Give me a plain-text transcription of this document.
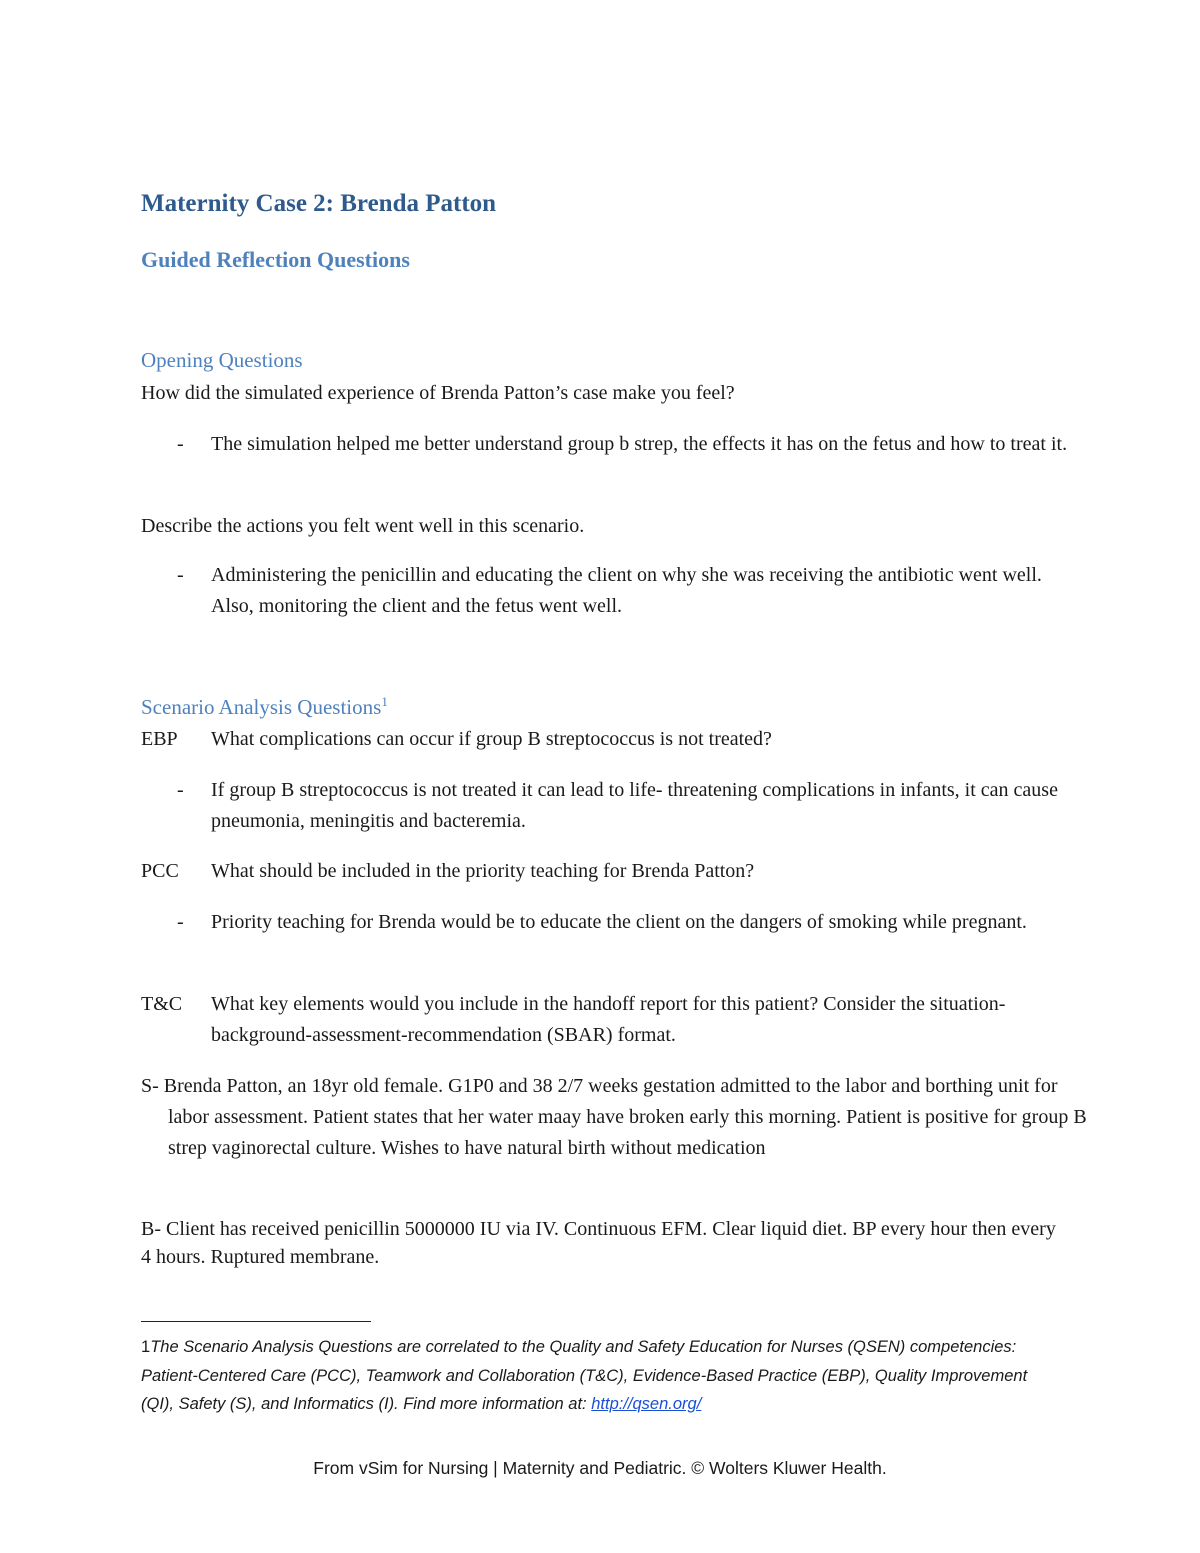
Maternity Case 2: Brenda Patton
Guided Reflection Questions
Opening Questions
How did the simulated experience of Brenda Patton’s case make you feel?
- The simulation helped me better understand group b strep, the effects it has on the fetus and how to treat it.
Describe the actions you felt went well in this scenario.
- Administering the penicillin and educating the client on why she was receiving the antibiotic went well. Also, monitoring the client and the fetus went well.
Scenario Analysis Questions$^1$
EBP What complications can occur if group B streptococcus is not treated?
- If group B streptococcus is not treated it can lead to life- threatening complications in infants, it can cause pneumonia, meningitis and bacteremia.
PCC What should be included in the priority teaching for Brenda Patton?
- Priority teaching for Brenda would be to educate the client on the dangers of smoking while pregnant.
T&C What key elements would you include in the handoff report for this patient? Consider the situation-background-assessment-recommendation (SBAR) format.
S- Brenda Patton, an 18yr old female. G1P0 and 38 2/7 weeks gestation admitted to the labor and borthing unit for labor assessment. Patient states that her water maay have broken early this morning. Patient is positive for group B strep vaginorectal culture. Wishes to have natural birth without medication
B- Client has received penicillin 5000000 IU via IV. Continuous EFM. Clear liquid diet. BP every hour then every 4 hours. Ruptured membrane.
1The Scenario Analysis Questions are correlated to the Quality and Safety Education for Nurses (QSEN) competencies: Patient-Centered Care (PCC), Teamwork and Collaboration (T&C), Evidence-Based Practice (EBP), Quality Improvement (QI), Safety (S), and Informatics (I). Find more information at: http://qsen.org/
From vSim for Nursing | Maternity and Pediatric. © Wolters Kluwer Health.
